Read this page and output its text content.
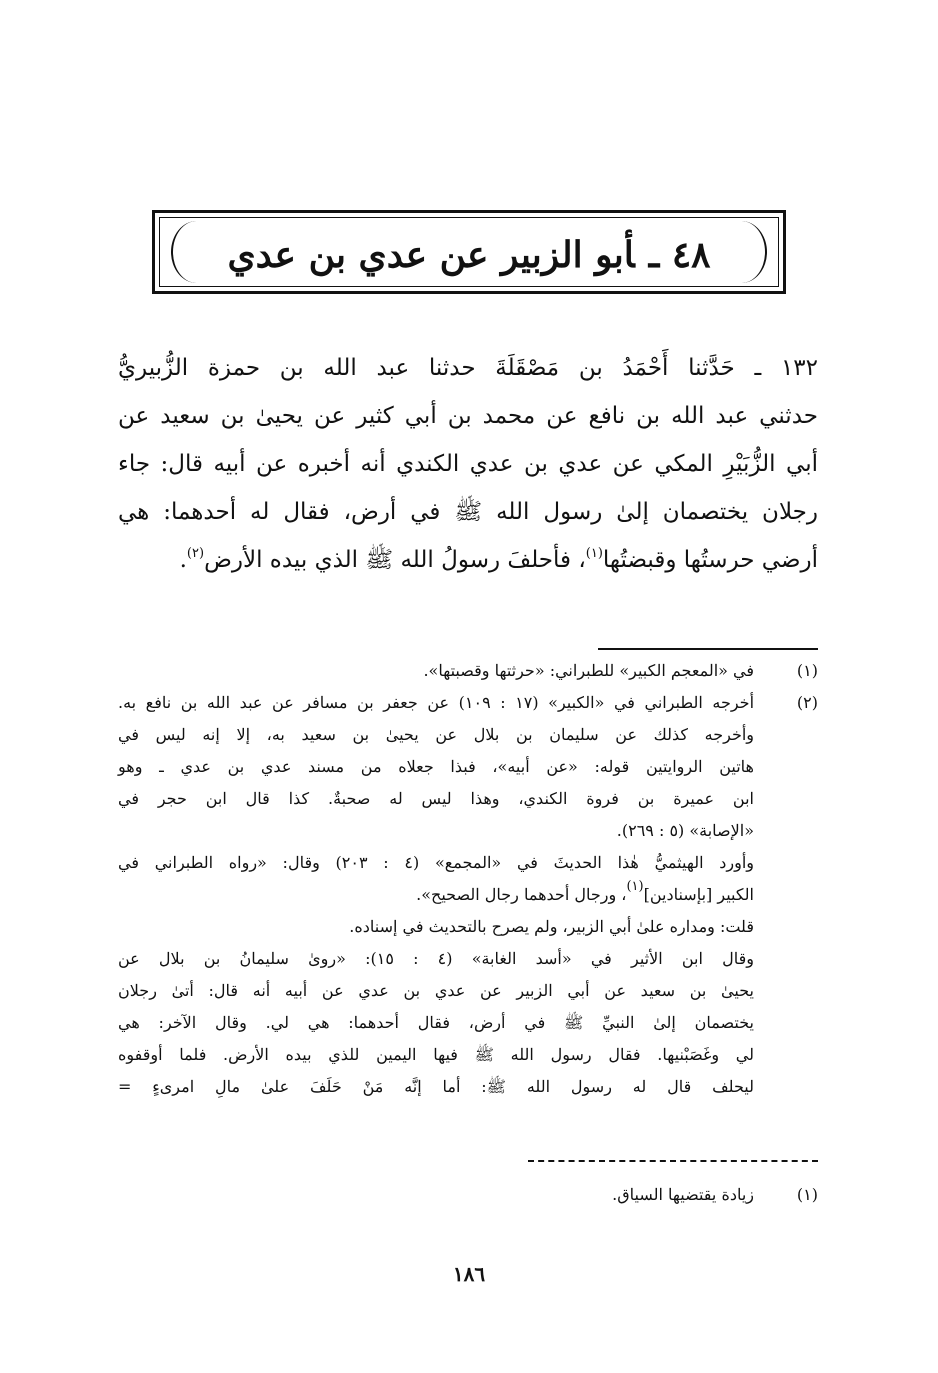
٤٨ ـأبو الزبير عن عدي بن عدي
١٣٢ ـ حَدَّثنا أَحْمَدُ بن مَصْقَلَةَ حدثنا عبد الله بن حمزة الزُّبيريُّ
حدثني عبد الله بن نافع عن محمد بن أبي كثير عن يحيىٰ بن سعيد عن
أبي الزُّبَيْرِ المكي عن عدي بن عدي الكندي أنه أخبره عن أبيه قال: جاء
رجلان يختصمان إلىٰ رسول الله ﷺ في أرض، فقال له أحدهما: هي
أرضي حرستُها وقبضتُها$^{(١)}$، فأحلفَ رسولُ الله ﷺ الذي بيده الأرض$^{(٢)}$.
(١)
في «المعجم الكبير» للطبراني: «حرثتها وقصبتها».
(٢)
أخرجه الطبراني في «الكبير» (١٧ : ١٠٩) عن جعفر بن مسافر عن عبد الله بن نافع به.
وأخرجه كذلك عن سليمان بن بلال عن يحيىٰ بن سعيد به، إلا إنه ليس في
هاتين الروايتين قوله: «عن أبيه»، فبذا جعلاه من مسند عدي بن عدي ـ وهو
ابن عميرة بن فروة الكندي، وهذا ليس له صحبةٌ. كذا قال ابن حجر في
«الإصابة» (٥ : ٢٦٩).
وأورد الهيثميُّ هٰذا الحديثَ في «المجمع» (٤ : ٢٠٣) وقال: «رواه الطبراني في
الكبير [بإسنادين]$^{(١)}$، ورجال أحدهما رجال الصحيح».
قلت: ومداره علىٰ أبي الزبير، ولم يصرح بالتحديث في إسناده.
وقال ابن الأثير في «أسد الغابة» (٤ : ١٥): «روىٰ سليمانُ بن بلال عن
يحيىٰ بن سعيد عن أبي الزبير عن عدي بن عدي عن أبيه أنه قال: أتىٰ رجلان
يختصمان إلىٰ النبيِّ ﷺ في أرض، فقال أحدهما: هي لي. وقال الآخر: هي
لي وغَصَبْنيها. فقال رسول الله ﷺ فيها اليمين للذي بيده الأرض. فلما أوقفوه
ليحلف قال له رسول الله ﷺ: أما إنَّه مَنْ حَلَفَ علىٰ مالِ امرىءٍ =
(١)
زيادة يقتضيها السياق.
١٨٦
